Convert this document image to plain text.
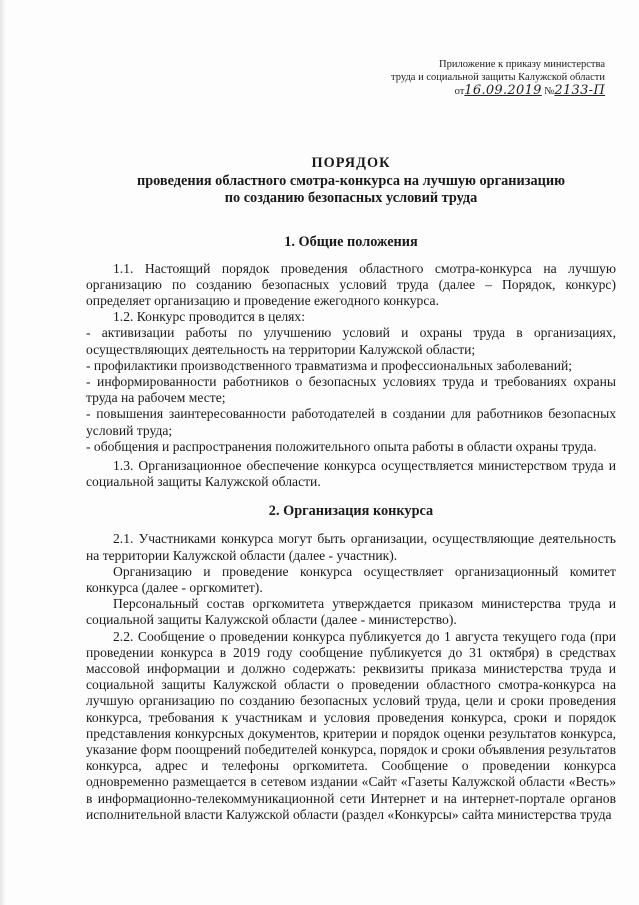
Приложение к приказу министерства
труда и социальной защиты Калужской области
от16.09.2019 №2133-П
ПОРЯДОК
проведения областного смотра-конкурса на лучшую организацию
по созданию безопасных условий труда
1. Общие положения

1.1. Настоящий порядок проведения областного смотра-конкурса на лучшую организацию по созданию безопасных условий труда (далее – Порядок, конкурс) определяет организацию и проведение ежегодного конкурса.

1.2. Конкурс проводится в целях:

- активизации работы по улучшению условий и охраны труда в организациях, осуществляющих деятельность на территории Калужской области;

- профилактики производственного травматизма и профессиональных заболеваний;

- информированности работников о безопасных условиях труда и требованиях охраны труда на рабочем месте;

- повышения заинтересованности работодателей в создании для работников безопасных условий труда;

- обобщения и распространения положительного опыта работы в области охраны труда.

1.3. Организационное обеспечение конкурса осуществляется министерством труда и социальной защиты Калужской области.

2. Организация конкурса

2.1. Участниками конкурса могут быть организации, осуществляющие деятельность на территории Калужской области (далее - участник).

Организацию и проведение конкурса осуществляет организационный комитет конкурса (далее - оргкомитет).

Персональный состав оргкомитета утверждается приказом министерства труда и социальной защиты Калужской области (далее - министерство).

2.2. Сообщение о проведении конкурса публикуется до 1 августа текущего года (при проведении конкурса в 2019 году сообщение публикуется до 31 октября) в средствах массовой информации и должно содержать: реквизиты приказа министерства труда и социальной защиты Калужской области о проведении областного смотра-конкурса на лучшую организацию по созданию безопасных условий труда, цели и сроки проведения конкурса, требования к участникам и условия проведения конкурса, сроки и порядок представления конкурсных документов, критерии и порядок оценки результатов конкурса, указание форм поощрений победителей конкурса, порядок и сроки объявления результатов конкурса, адрес и телефоны оргкомитета. Сообщение о проведении конкурса одновременно размещается в сетевом издании «Сайт «Газеты Калужской области «Весть» в информационно-телекоммуникационной сети Интернет и на интернет-портале органов исполнительной власти Калужской области (раздел «Конкурсы» сайта министерства труда
